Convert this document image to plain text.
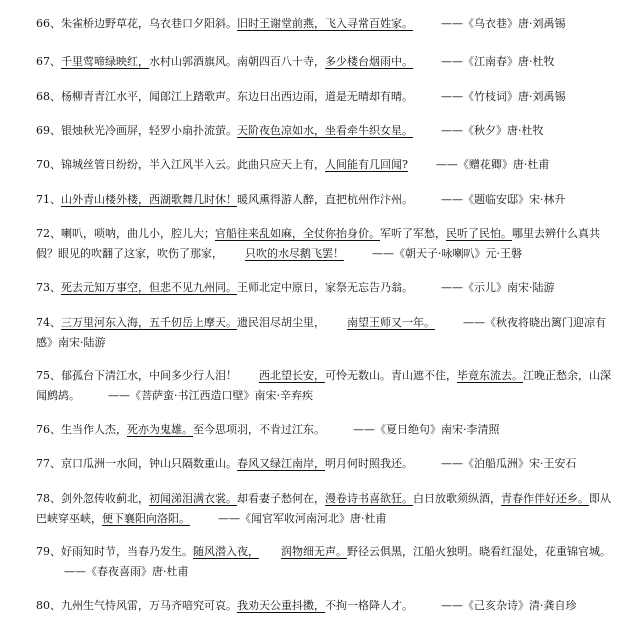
66、朱雀桥边野草花，乌衣巷口夕阳斜。旧时王谢堂前燕，飞入寻常百姓家。	——《乌衣巷》唐·刘禹锡
67、千里莺啼绿映红，水村山郭酒旗风。南朝四百八十寺，多少楼台烟雨中。	——《江南春》唐·杜牧
68、杨柳青青江水平，闻郎江上踏歌声。东边日出西边雨，道是无晴却有晴。	——《竹枝词》唐·刘禹锡
69、银烛秋光冷画屏，轻罗小扇扑流萤。天阶夜色凉如水，坐看牵牛织女星。	——《秋夕》唐·杜牧
70、锦城丝管日纷纷，半入江风半入云。此曲只应天上有，人间能有几回闻?	——《赠花卿》唐·杜甫
71、山外青山楼外楼，西湖歌舞几时休！暖风熏得游人醉，直把杭州作汴州。	——《题临安邸》宋·林升
72、喇叭，唢呐，曲儿小，腔儿大；官船往来乱如麻，全仗你抬身价。军听了军愁，民听了民怕。哪里去辨什么真共假？眼见的吹翻了这家，吹伤了那家， 只吹的水尽鹅飞罢！	——《朝天子·咏喇叭》元·王磐
73、死去元知万事空，但悲不见九州同。王师北定中原日，家祭无忘告乃翁。	——《示儿》南宋·陆游
74、三万里河东入海，五千仞岳上摩天。遗民泪尽胡尘里， 南望王师又一年。	——《秋夜将晓出篱门迎凉有感》南宋·陆游
75、郁孤台下清江水，中间多少行人泪！ 西北望长安，可怜无数山。青山遮不住，毕竟东流去。江晚正愁余，山深闻鹧鸪。	——《菩萨蛮·书江西造口壁》南宋·辛弃疾
76、生当作人杰，死亦为鬼雄。至今思项羽，不肯过江东。	——《夏日绝句》南宋·李清照
77、京口瓜洲一水间，钟山只隔数重山。春风又绿江南岸，明月何时照我还。	——《泊船瓜洲》宋·王安石
78、剑外忽传收蓟北，初闻涕泪满衣裳。却看妻子愁何在，漫卷诗书喜欲狂。白日放歌须纵酒，青春作伴好还乡。即从巴峡穿巫峡，便下襄阳向洛阳。	——《闻官军收河南河北》唐·杜甫
79、好雨知时节，当春乃发生。随风潜入夜， 润物细无声。野径云俱黑，江船火独明。晓看红湿处，花重锦官城。——《春夜喜雨》唐·杜甫
80、九州生气恃风雷，万马齐喑究可哀。我劝天公重抖擞，不拘一格降人才。	——《己亥杂诗》清·龚自珍
